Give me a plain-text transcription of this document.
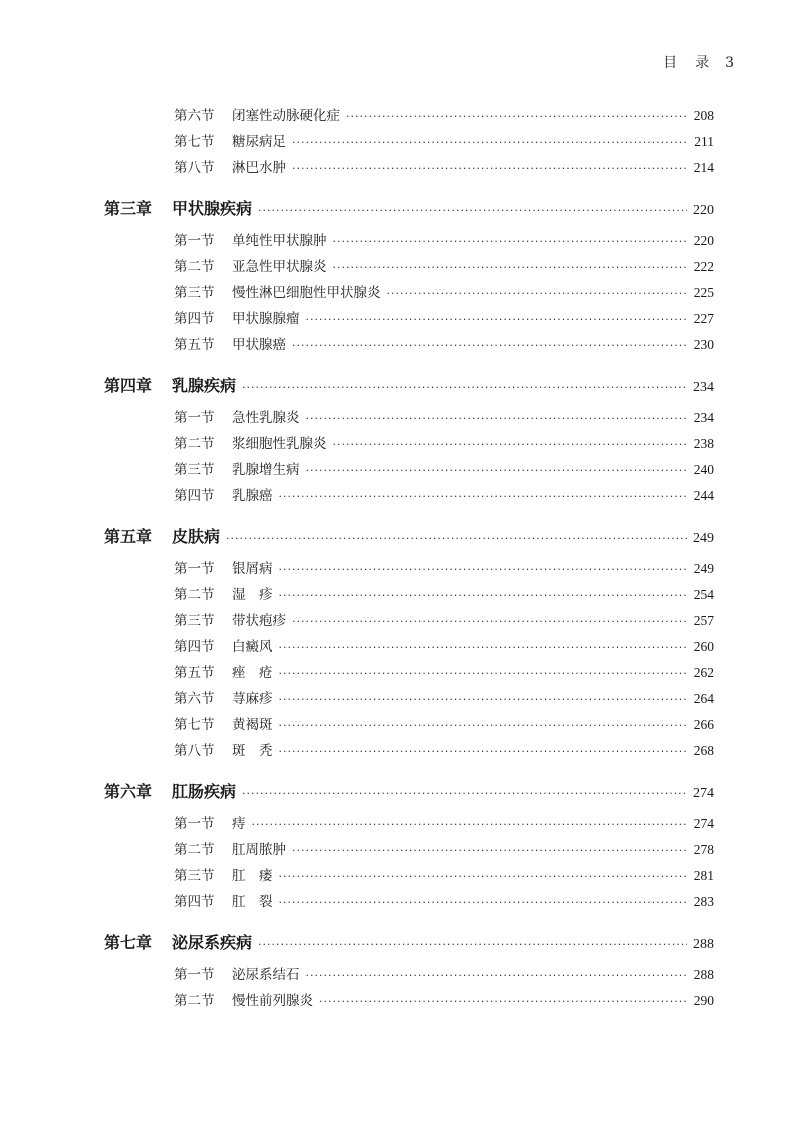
目　录 3
第六节	闭塞性动脉硬化症 ·····	208
第七节	糖尿病足 ·····	211
第八节	淋巴水肿 ·····	214
第三章	甲状腺疾病 ·····	220
第一节	单纯性甲状腺肿 ·····	220
第二节	亚急性甲状腺炎 ·····	222
第三节	慢性淋巴细胞性甲状腺炎 ·····	225
第四节	甲状腺腺瘤 ·····	227
第五节	甲状腺癌 ·····	230
第四章	乳腺疾病 ·····	234
第一节	急性乳腺炎 ·····	234
第二节	浆细胞性乳腺炎 ·····	238
第三节	乳腺增生病 ·····	240
第四节	乳腺癌 ·····	244
第五章	皮肤病 ·····	249
第一节	银屑病 ·····	249
第二节	湿　疹 ·····	254
第三节	带状疱疹 ·····	257
第四节	白癜风 ·····	260
第五节	痤　疮 ·····	262
第六节	荨麻疹 ·····	264
第七节	黄褐斑 ·····	266
第八节	斑　秃 ·····	268
第六章	肛肠疾病 ·····	274
第一节	痔 ·····	274
第二节	肛周脓肿 ·····	278
第三节	肛　瘘 ·····	281
第四节	肛　裂 ·····	283
第七章	泌尿系疾病 ·····	288
第一节	泌尿系结石 ·····	288
第二节	慢性前列腺炎 ·····	290
